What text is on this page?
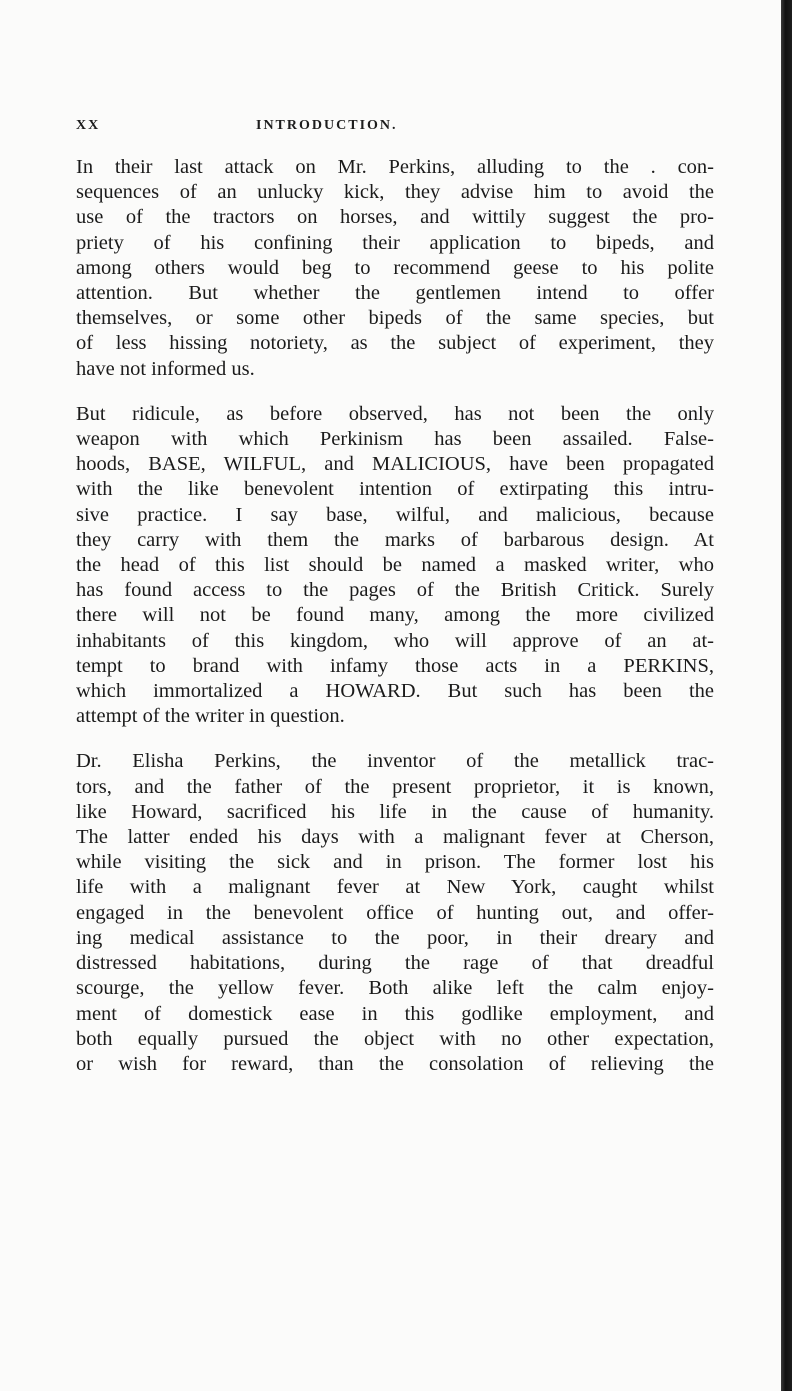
XX	INTRODUCTION.

In their last attack on Mr. Perkins, alluding to the . con-
sequences of an unlucky kick, they advise him to avoid the
use of the tractors on horses, and wittily suggest the pro-
priety of his confining their application to bipeds, and
among others would beg to recommend geese to his polite
attention. But whether the gentlemen intend to offer
themselves, or some other bipeds of the same species, but
of less hissing notoriety, as the subject of experiment, they
have not informed us.

But ridicule, as before observed, has not been the only
weapon with which Perkinism has been assailed. False-
hoods, BASE, WILFUL, and MALICIOUS, have been propagated
with the like benevolent intention of extirpating this intru-
sive practice. I say base, wilful, and malicious, because
they carry with them the marks of barbarous design. At
the head of this list should be named a masked writer, who
has found access to the pages of the British Critick. Surely
there will not be found many, among the more civilized
inhabitants of this kingdom, who will approve of an at-
tempt to brand with infamy those acts in a PERKINS,
which immortalized a HOWARD. But such has been the
attempt of the writer in question.

Dr. Elisha Perkins, the inventor of the metallick trac-
tors, and the father of the present proprietor, it is known,
like Howard, sacrificed his life in the cause of humanity.
The latter ended his days with a malignant fever at Cherson,
while visiting the sick and in prison. The former lost his
life with a malignant fever at New York, caught whilst
engaged in the benevolent office of hunting out, and offer-
ing medical assistance to the poor, in their dreary and
distressed habitations, during the rage of that dreadful
scourge, the yellow fever. Both alike left the calm enjoy-
ment of domestick ease in this godlike employment, and
both equally pursued the object with no other expectation,
or wish for reward, than the consolation of relieving the
